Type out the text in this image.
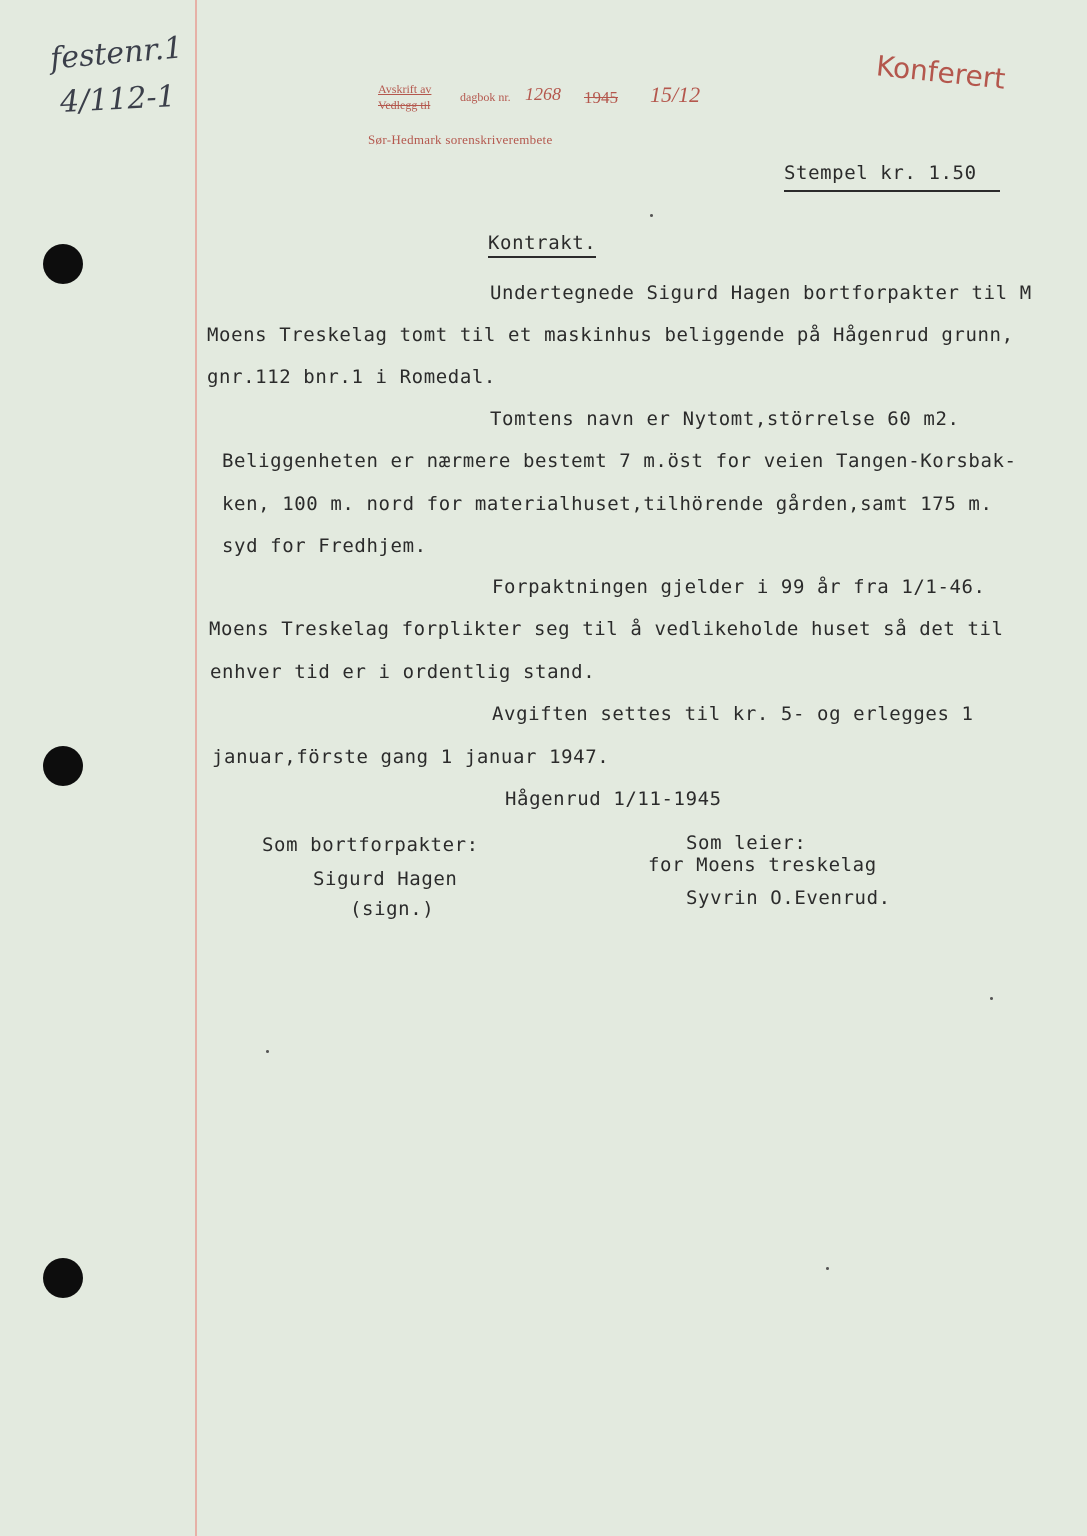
festenr.1
4/112-1
Konferert
Avskrift av
Vedlegg til
dagbok nr. 1268 1945 15/12
Sør-Hedmark sorenskriverembete
Stempel kr. 1.50
Kontrakt.
Undertegnede Sigurd Hagen bortforpakter til M
Moens Treskelag tomt til et maskinhus beliggende på Hågenrud grunn,
gnr.112 bnr.1 i Romedal.
Tomtens navn er Nytomt,störrelse 60 m2.
Beliggenheten er nærmere bestemt 7 m.öst for veien Tangen-Korsbak-
ken, 100 m. nord for materialhuset,tilhörende gården,samt 175 m.
syd for Fredhjem.
Forpaktningen gjelder i 99 år fra 1/1-46.
Moens Treskelag forplikter seg til å vedlikeholde huset så det til
enhver tid er i ordentlig stand.
Avgiften settes til kr. 5- og erlegges 1
januar,förste gang 1 januar 1947.
Hågenrud 1/11-1945
Som bortforpakter:
Sigurd Hagen
(sign.)
Som leier:
for Moens treskelag
Syvrin O.Evenrud.
